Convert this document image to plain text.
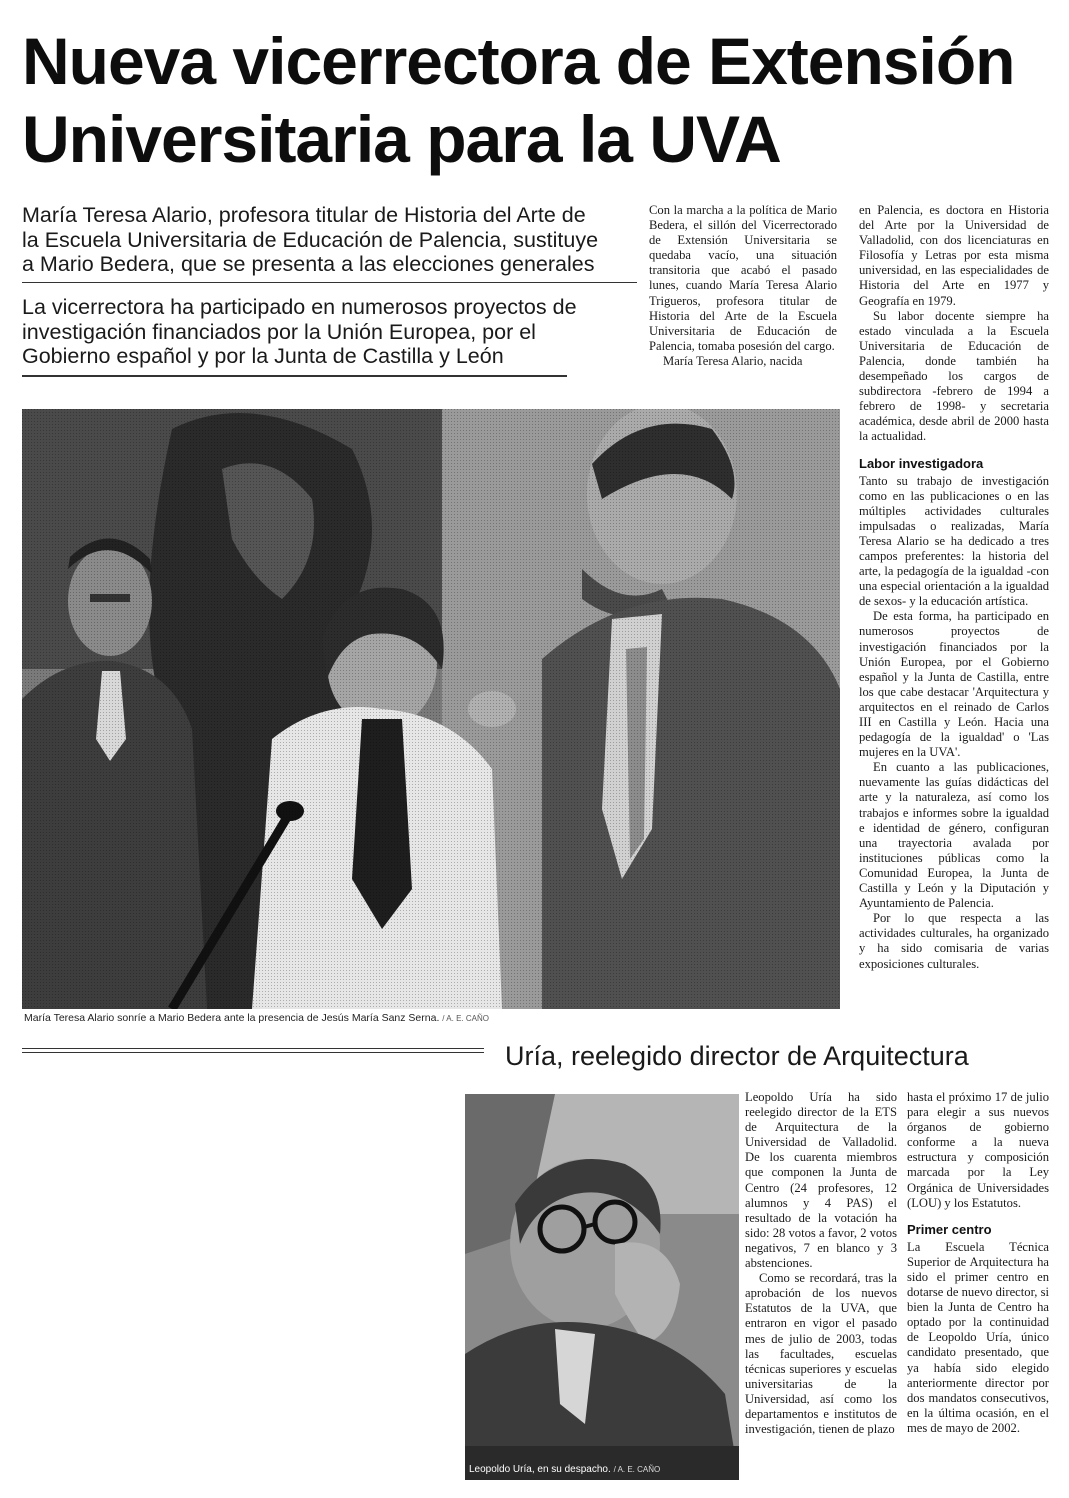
Nueva vicerrectora de Extensión
Universitaria para la UVA
María Teresa Alario, profesora titular de Historia del Arte de
la Escuela Universitaria de Educación de Palencia, sustituye
a Mario Bedera, que se presenta a las elecciones generales
La vicerrectora ha participado en numerosos proyectos de
investigación financiados por la Unión Europea, por el
Gobierno español y por la Junta de Castilla y León

Con la marcha a la política de Mario Bedera, el sillón del Vicerrectorado de Extensión Universitaria se quedaba vacío, una situación transitoria que acabó el pasado lunes, cuando María Teresa Alario Trigueros, profesora titular de Historia del Arte de la Escuela Universitaria de Educación de Palencia, tomaba posesión del cargo.

María Teresa Alario, nacida

en Palencia, es doctora en Historia del Arte por la Universidad de Valladolid, con dos licenciaturas en Filosofía y Letras por esta misma universidad, en las especialidades de Historia del Arte en 1977 y Geografía en 1979.

Su labor docente siempre ha estado vinculada a la Escuela Universitaria de Educación de Palencia, donde también ha desempeñado los cargos de subdirectora -febrero de 1994 a febrero de 1998- y secretaria académica, desde abril de 2000 hasta la actualidad.

Labor investigadora

Tanto su trabajo de investigación como en las publicaciones o en las múltiples actividades culturales impulsadas o realizadas, María Teresa Alario se ha dedicado a tres campos preferentes: la historia del arte, la pedagogía de la igualdad -con una especial orientación a la igualdad de sexos- y la educación artística.

De esta forma, ha participado en numerosos proyectos de investigación financiados por la Unión Europea, por el Gobierno español y la Junta de Castilla, entre los que cabe destacar 'Arquitectura y arquitectos en el reinado de Carlos III en Castilla y León. Hacia una pedagogía de la igualdad' o 'Las mujeres en la UVA'.

En cuanto a las publicaciones, nuevamente las guías didácticas del arte y la naturaleza, así como los trabajos e informes sobre la igualdad e identidad de género, configuran una trayectoria avalada por instituciones públicas como la Comunidad Europea, la Junta de Castilla y León y la Diputación y Ayuntamiento de Palencia.

Por lo que respecta a las actividades culturales, ha organizado y ha sido comisaria de varias exposiciones culturales.

María Teresa Alario sonríe a Mario Bedera ante la presencia de Jesús María Sanz Serna. / A. E. CAÑO
Uría, reelegido director de Arquitectura
Leopoldo Uría, en su despacho. / A. E. CAÑO

Leopoldo Uría ha sido reelegido director de la ETS de Arquitectura de la Universidad de Valladolid. De los cuarenta miembros que componen la Junta de Centro (24 profesores, 12 alumnos y 4 PAS) el resultado de la votación ha sido: 28 votos a favor, 2 votos negativos, 7 en blanco y 3 abstenciones.

Como se recordará, tras la aprobación de los nuevos Estatutos de la UVA, que entraron en vigor el pasado mes de julio de 2003, todas las facultades, escuelas técnicas superiores y escuelas universitarias de la Universidad, así como los departamentos e institutos de investigación, tienen de plazo

hasta el próximo 17 de julio para elegir a sus nuevos órganos de gobierno conforme a la nueva estructura y composición marcada por la Ley Orgánica de Universidades (LOU) y los Estatutos.

Primer centro

La Escuela Técnica Superior de Arquitectura ha sido el primer centro en dotarse de nuevo director, si bien la Junta de Centro ha optado por la continuidad de Leopoldo Uría, único candidato presentado, que ya había sido elegido anteriormente director por dos mandatos consecutivos, en la última ocasión, en el mes de mayo de 2002.
